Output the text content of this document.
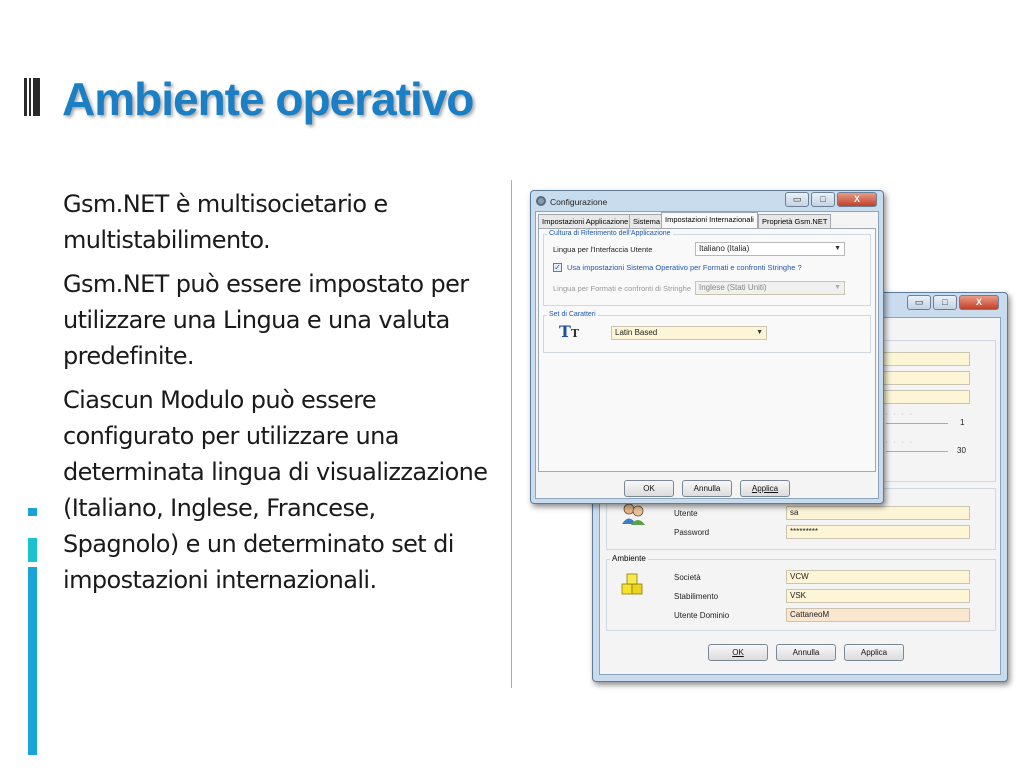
Ambiente operativo

Gsm.NET è multisocietario e multistabilimento.

Gsm.NET può essere impostato per utilizzare una Lingua e una valuta predefinite.

Ciascun Modulo può essere configurato per utilizzare una determinata lingua di visualizzazione (Italiano, Inglese, Francese, Spagnolo) e un determinato set di impostazioni internazionali.

▭	□	X
''''
1
''''
30
Utente	sa
Password	*********
Ambiente
Società	VCW
Stabilimento	VSK
Utente Dominio	CattaneoM
OK	Annulla	Applica
Configurazione	▭	□	X
Impostazioni Applicazione Sistema Impostazioni Internazionali	Proprietà Gsm.NET
Cultura di Riferimento dell'Applicazione
Lingua per l'Interfaccia Utente	Italiano (Italia)	▼
✓ Usa impostazioni Sistema Operativo per Formati e confronti Stringhe ?
Lingua per Formati e confronti di Stringhe	Inglese (Stati Uniti)	▼
Set di Caratteri
TT	Latin Based	▼
OK	Annulla	Applica
